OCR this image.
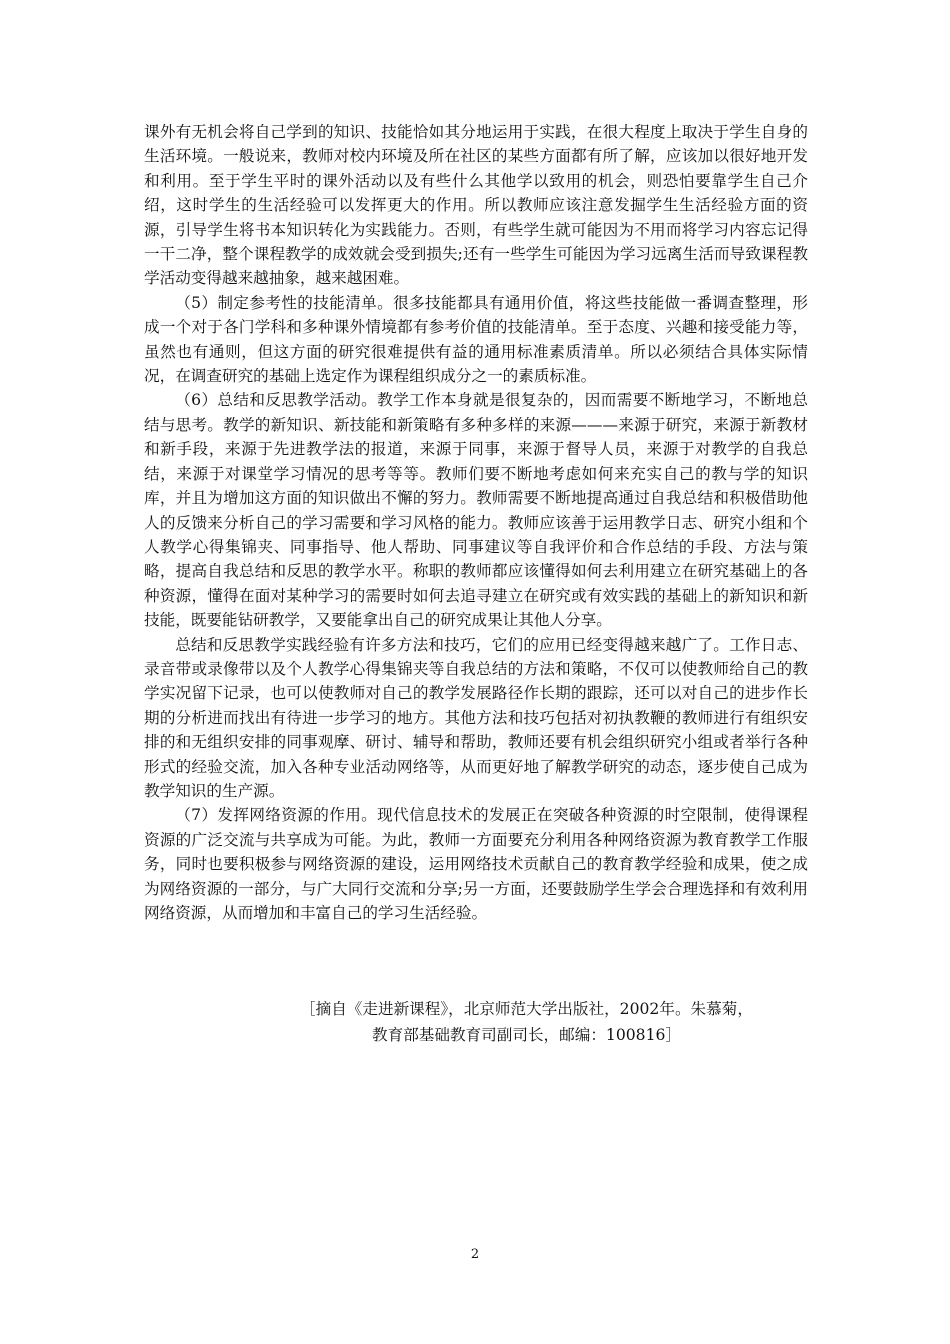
课外有无机会将自己学到的知识、技能恰如其分地运用于实践，在很大程度上取决于学生自身的生活环境。一般说来，教师对校内环境及所在社区的某些方面都有所了解，应该加以很好地开发和利用。至于学生平时的课外活动以及有些什么其他学以致用的机会，则恐怕要靠学生自己介绍，这时学生的生活经验可以发挥更大的作用。所以教师应该注意发掘学生生活经验方面的资源，引导学生将书本知识转化为实践能力。否则，有些学生就可能因为不用而将学习内容忘记得一干二净，整个课程教学的成效就会受到损失;还有一些学生可能因为学习远离生活而导致课程教学活动变得越来越抽象，越来越困难。

（5）制定参考性的技能清单。很多技能都具有通用价值，将这些技能做一番调查整理，形成一个对于各门学科和多种课外情境都有参考价值的技能清单。至于态度、兴趣和接受能力等，虽然也有通则，但这方面的研究很难提供有益的通用标准素质清单。所以必须结合具体实际情况，在调查研究的基础上选定作为课程组织成分之一的素质标准。

（6）总结和反思教学活动。教学工作本身就是很复杂的，因而需要不断地学习，不断地总结与思考。教学的新知识、新技能和新策略有多种多样的来源———来源于研究，来源于新教材和新手段，来源于先进教学法的报道，来源于同事，来源于督导人员，来源于对教学的自我总结，来源于对课堂学习情况的思考等等。教师们要不断地考虑如何来充实自己的教与学的知识库，并且为增加这方面的知识做出不懈的努力。教师需要不断地提高通过自我总结和积极借助他人的反馈来分析自己的学习需要和学习风格的能力。教师应该善于运用教学日志、研究小组和个人教学心得集锦夹、同事指导、他人帮助、同事建议等自我评价和合作总结的手段、方法与策略，提高自我总结和反思的教学水平。称职的教师都应该懂得如何去利用建立在研究基础上的各种资源，懂得在面对某种学习的需要时如何去追寻建立在研究或有效实践的基础上的新知识和新技能，既要能钻研教学，又要能拿出自己的研究成果让其他人分享。

总结和反思教学实践经验有许多方法和技巧，它们的应用已经变得越来越广了。工作日志、录音带或录像带以及个人教学心得集锦夹等自我总结的方法和策略，不仅可以使教师给自己的教学实况留下记录，也可以使教师对自己的教学发展路径作长期的跟踪，还可以对自己的进步作长期的分析进而找出有待进一步学习的地方。其他方法和技巧包括对初执教鞭的教师进行有组织安排的和无组织安排的同事观摩、研讨、辅导和帮助，教师还要有机会组织研究小组或者举行各种形式的经验交流，加入各种专业活动网络等，从而更好地了解教学研究的动态，逐步使自己成为教学知识的生产源。

（7）发挥网络资源的作用。现代信息技术的发展正在突破各种资源的时空限制，使得课程资源的广泛交流与共享成为可能。为此，教师一方面要充分利用各种网络资源为教育教学工作服务，同时也要积极参与网络资源的建设，运用网络技术贡献自己的教育教学经验和成果，使之成为网络资源的一部分，与广大同行交流和分享;另一方面，还要鼓励学生学会合理选择和有效利用网络资源，从而增加和丰富自己的学习生活经验。

［摘自《走进新课程》，北京师范大学出版社，2002年。朱慕菊，
教育部基础教育司副司长，邮编：100816］
2
